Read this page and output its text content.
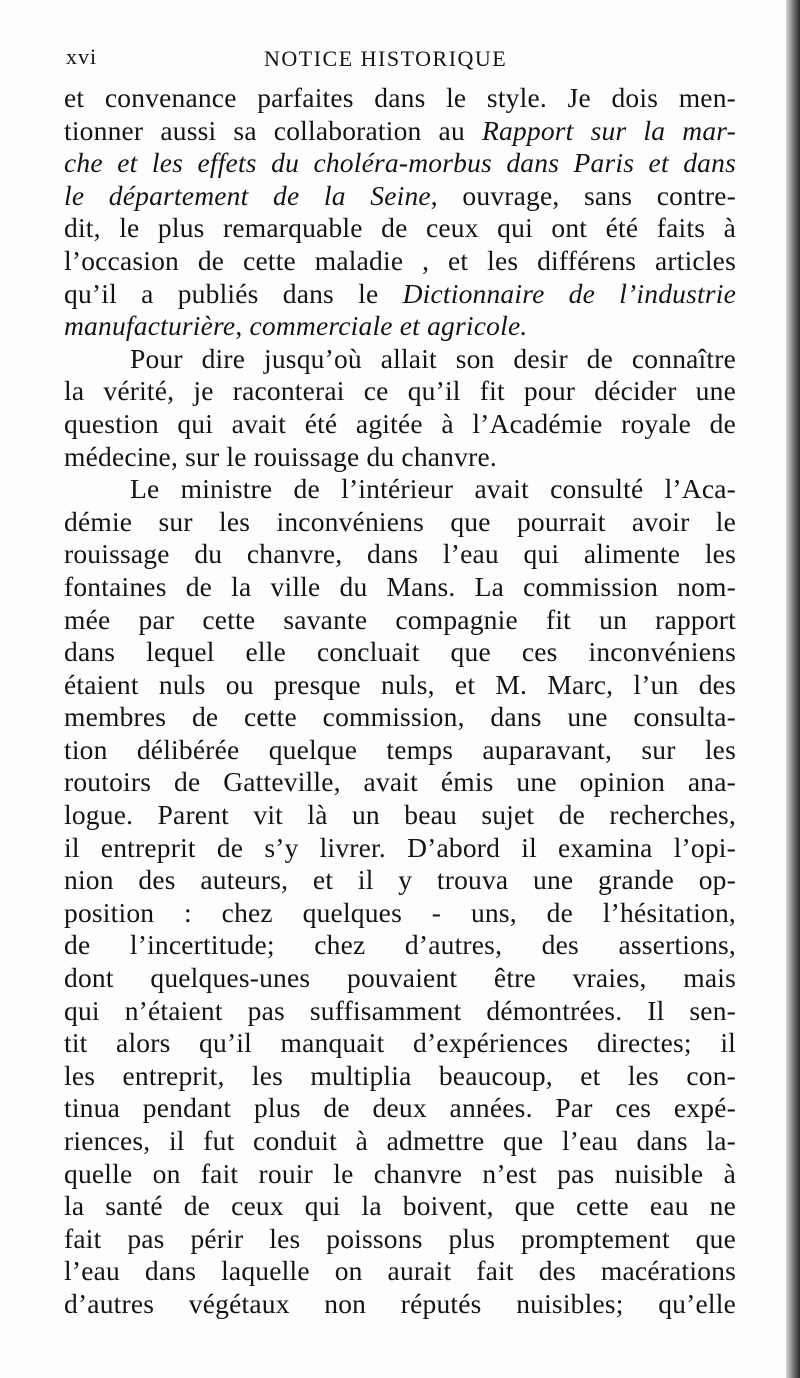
xvi	NOTICE HISTORIQUE
et convenance parfaites dans le style. Je dois men-
tionner aussi sa collaboration au Rapport sur la mar-
che et les effets du choléra-morbus dans Paris et dans
le département de la Seine, ouvrage, sans contre-
dit, le plus remarquable de ceux qui ont été faits à
l’occasion de cette maladie , et les différens articles
qu’il a publiés dans le Dictionnaire de l’industrie
manufacturière, commerciale et agricole.
Pour dire jusqu’où allait son desir de connaître
la vérité, je raconterai ce qu’il fit pour décider une
question qui avait été agitée à l’Académie royale de
médecine, sur le rouissage du chanvre.
Le ministre de l’intérieur avait consulté l’Aca-
démie sur les inconvéniens que pourrait avoir le
rouissage du chanvre, dans l’eau qui alimente les
fontaines de la ville du Mans. La commission nom-
mée par cette savante compagnie fit un rapport
dans lequel elle concluait que ces inconvéniens
étaient nuls ou presque nuls, et M. Marc, l’un des
membres de cette commission, dans une consulta-
tion délibérée quelque temps auparavant, sur les
routoirs de Gatteville, avait émis une opinion ana-
logue. Parent vit là un beau sujet de recherches,
il entreprit de s’y livrer. D’abord il examina l’opi-
nion des auteurs, et il y trouva une grande op-
position : chez quelques - uns, de l’hésitation,
de l’incertitude; chez d’autres, des assertions,
dont quelques-unes pouvaient être vraies, mais
qui n’étaient pas suffisamment démontrées. Il sen-
tit alors qu’il manquait d’expériences directes; il
les entreprit, les multiplia beaucoup, et les con-
tinua pendant plus de deux années. Par ces expé-
riences, il fut conduit à admettre que l’eau dans la-
quelle on fait rouir le chanvre n’est pas nuisible à
la santé de ceux qui la boivent, que cette eau ne
fait pas périr les poissons plus promptement que
l’eau dans laquelle on aurait fait des macérations
d’autres végétaux non réputés nuisibles; qu’elle
